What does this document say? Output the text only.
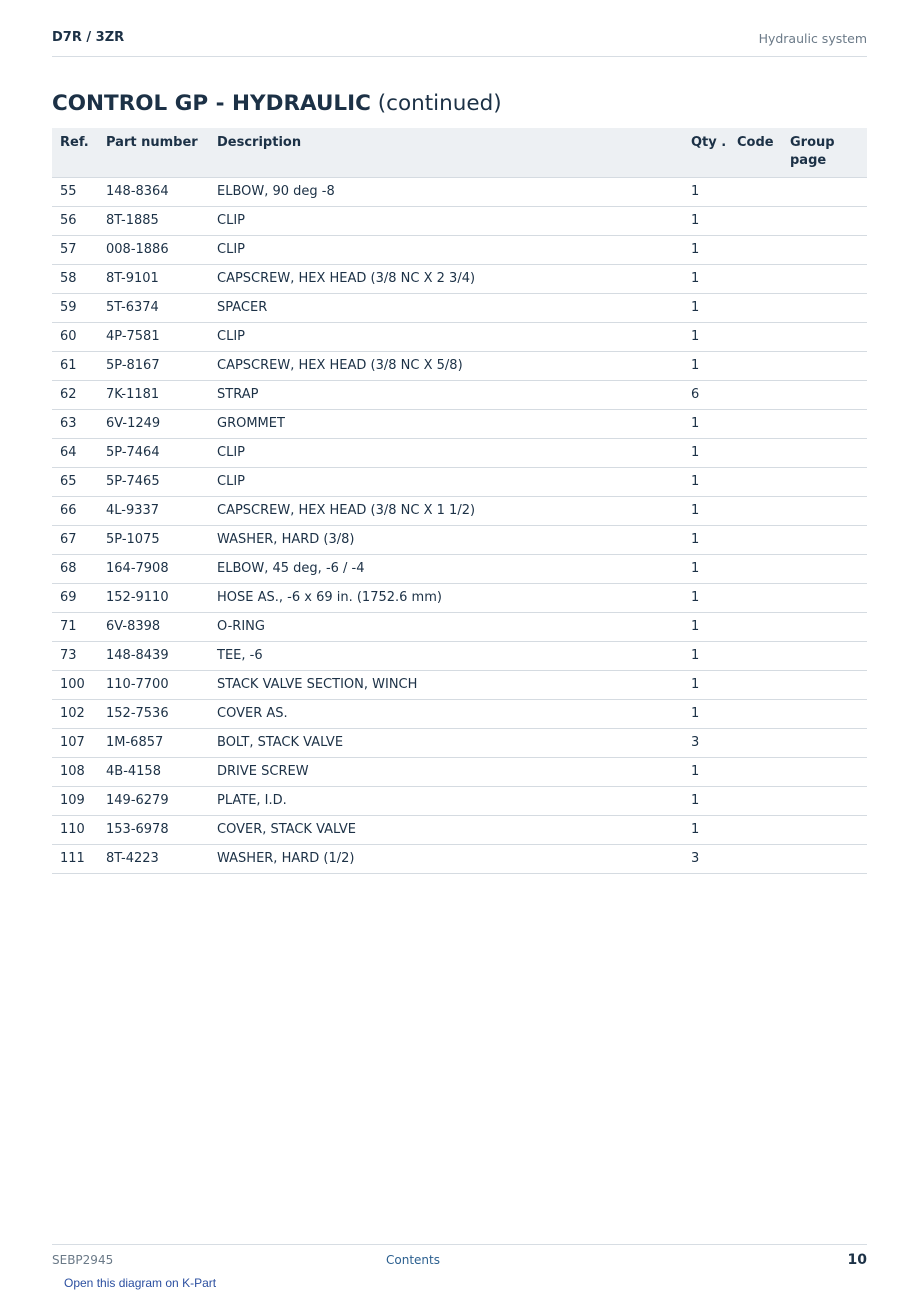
D7R / 3ZR	Hydraulic system
CONTROL GP - HYDRAULIC (continued)
Ref.	Part number	Description	Qty .	Code	Group page
55	148-8364	ELBOW, 90 deg -8	1		
56	8T-1885	CLIP	1		
57	008-1886	CLIP	1		
58	8T-9101	CAPSCREW, HEX HEAD (3/8 NC X 2 3/4)	1		
59	5T-6374	SPACER	1		
60	4P-7581	CLIP	1		
61	5P-8167	CAPSCREW, HEX HEAD (3/8 NC X 5/8)	1		
62	7K-1181	STRAP	6		
63	6V-1249	GROMMET	1		
64	5P-7464	CLIP	1		
65	5P-7465	CLIP	1		
66	4L-9337	CAPSCREW, HEX HEAD (3/8 NC X 1 1/2)	1		
67	5P-1075	WASHER, HARD (3/8)	1		
68	164-7908	ELBOW, 45 deg, -6 / -4	1		
69	152-9110	HOSE AS., -6 x 69 in. (1752.6 mm)	1		
71	6V-8398	O-RING	1		
73	148-8439	TEE, -6	1		
100	110-7700	STACK VALVE SECTION, WINCH	1		
102	152-7536	COVER AS.	1		
107	1M-6857	BOLT, STACK VALVE	3		
108	4B-4158	DRIVE SCREW	1		
109	149-6279	PLATE, I.D.	1		
110	153-6978	COVER, STACK VALVE	1		
111	8T-4223	WASHER, HARD (1/2)	3		
SEBP2945	Contents	10
Open this diagram on K-Part
